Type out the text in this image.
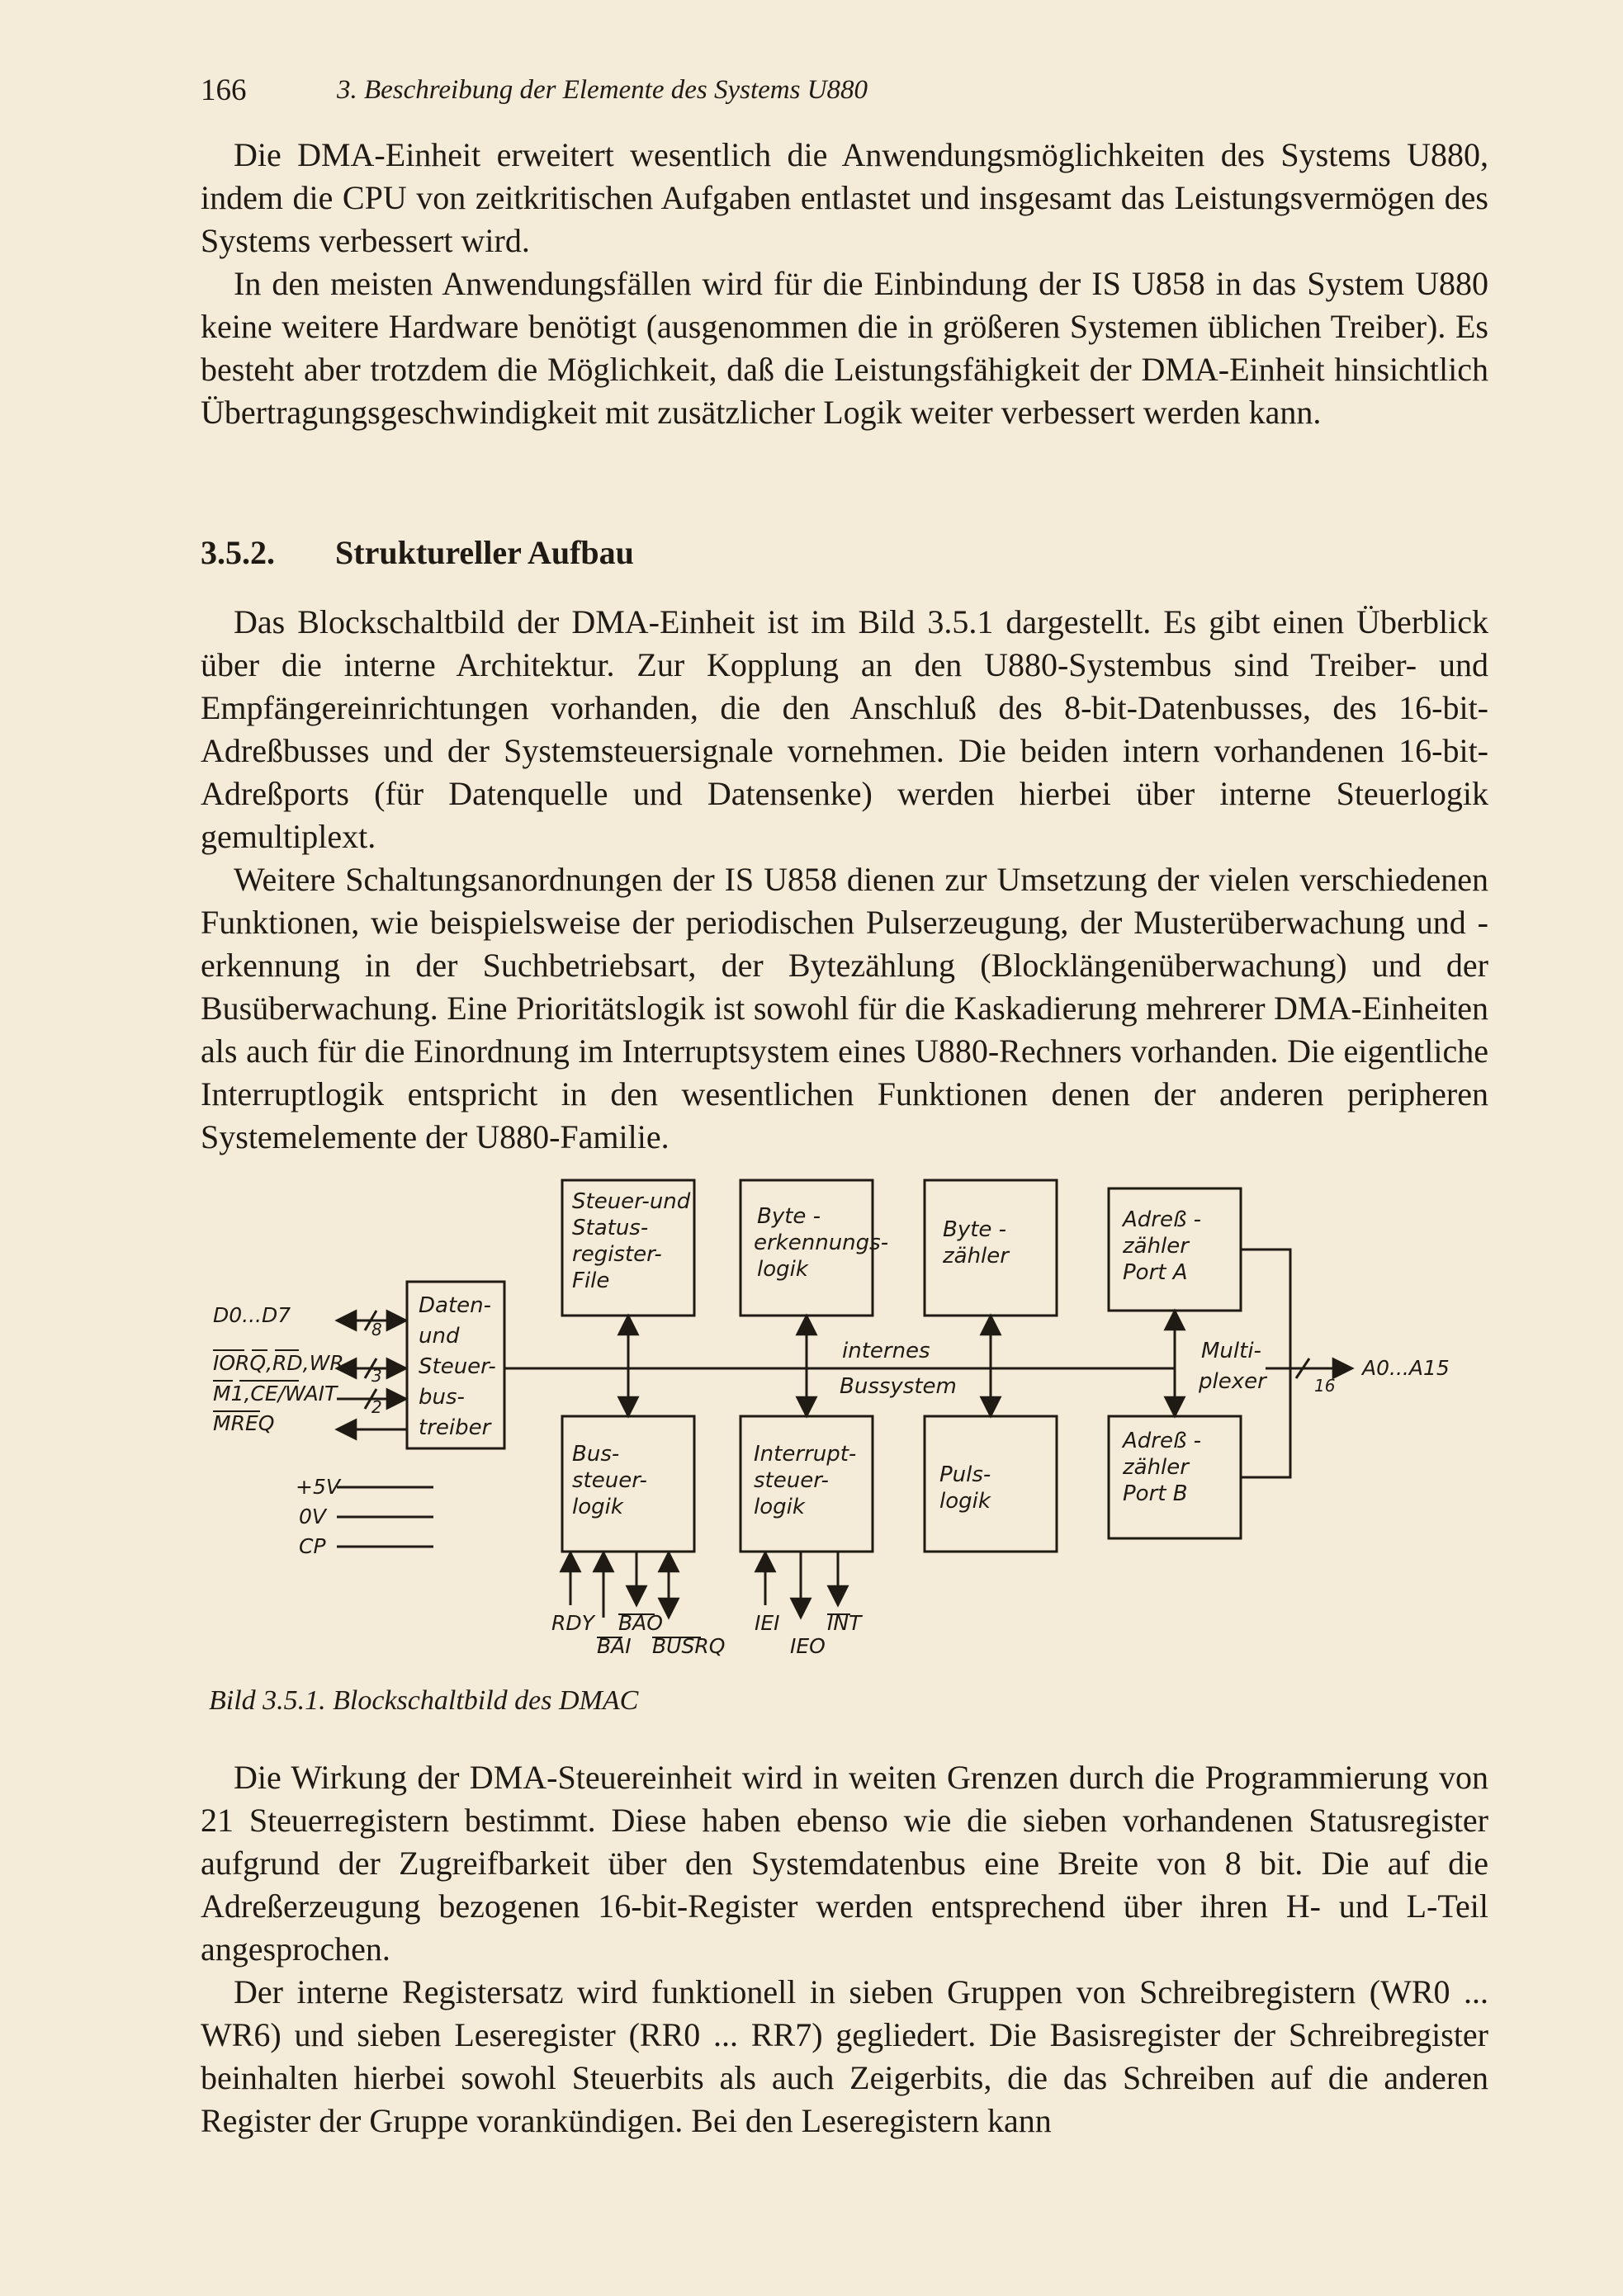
166	3. Beschreibung der Elemente des Systems U880

Die DMA-Einheit erweitert wesentlich die Anwendungsmöglichkeiten des Systems U880, indem die CPU von zeitkritischen Aufgaben entlastet und insgesamt das Leistungsvermögen des Systems verbessert wird.

In den meisten Anwendungsfällen wird für die Einbindung der IS U858 in das System U880 keine weitere Hardware benötigt (ausgenommen die in größeren Systemen üblichen Treiber). Es besteht aber trotzdem die Möglichkeit, daß die Leistungsfähigkeit der DMA-Einheit hinsichtlich Übertragungsgeschwindigkeit mit zusätzlicher Logik weiter verbessert werden kann.

3.5.2. Struktureller Aufbau

Das Blockschaltbild der DMA-Einheit ist im Bild 3.5.1 dargestellt. Es gibt einen Überblick über die interne Architektur. Zur Kopplung an den U880-Systembus sind Treiber- und Empfängereinrichtungen vorhanden, die den Anschluß des 8-bit-Datenbusses, des 16-bit-Adreßbusses und der Systemsteuersignale vornehmen. Die beiden intern vorhandenen 16-bit-Adreßports (für Datenquelle und Datensenke) werden hierbei über interne Steuerlogik gemultiplext.

Weitere Schaltungsanordnungen der IS U858 dienen zur Umsetzung der vielen verschiedenen Funktionen, wie beispielsweise der periodischen Pulserzeugung, der Musterüberwachung und -erkennung in der Suchbetriebsart, der Bytezählung (Blocklängenüberwachung) und der Busüberwachung. Eine Prioritätslogik ist sowohl für die Kaskadierung mehrerer DMA-Einheiten als auch für die Einordnung im Interruptsystem eines U880-Rechners vorhanden. Die eigentliche Interruptlogik entspricht in den wesentlichen Funktionen denen der anderen peripheren Systemelemente der U880-Familie.

Steuer-und
Status-
register-
File
Byte -
erkennungs-
logik
Byte -
zähler
Adreß -
zähler
Port A
Daten-
und
Steuer-
bus-
treiber
Bus-
steuer-
logik
Interrupt-
steuer-
logik
Puls-
logik
Adreß -
zähler
Port B
internes
Bussystem
Multi-
plexer
D0...D7
IORQ,RD,WR
M1,CE/WAIT
MREQ
8
3
2
+5V
0V
CP
A0...A15
16
RDY BAO
BAI BUSRQ
IEI INT
IEO
Bild 3.5.1. Blockschaltbild des DMAC

Die Wirkung der DMA-Steuereinheit wird in weiten Grenzen durch die Programmierung von 21 Steuerregistern bestimmt. Diese haben ebenso wie die sieben vorhandenen Statusregister aufgrund der Zugreifbarkeit über den Systemdatenbus eine Breite von 8 bit. Die auf die Adreßerzeugung bezogenen 16-bit-Register werden entsprechend über ihren H- und L-Teil angesprochen.

Der interne Registersatz wird funktionell in sieben Gruppen von Schreibregistern (WR0 ... WR6) und sieben Leseregister (RR0 ... RR7) gegliedert. Die Basisregister der Schreibregister beinhalten hierbei sowohl Steuerbits als auch Zeigerbits, die das Schreiben auf die anderen Register der Gruppe vorankündigen. Bei den Leseregistern kann
